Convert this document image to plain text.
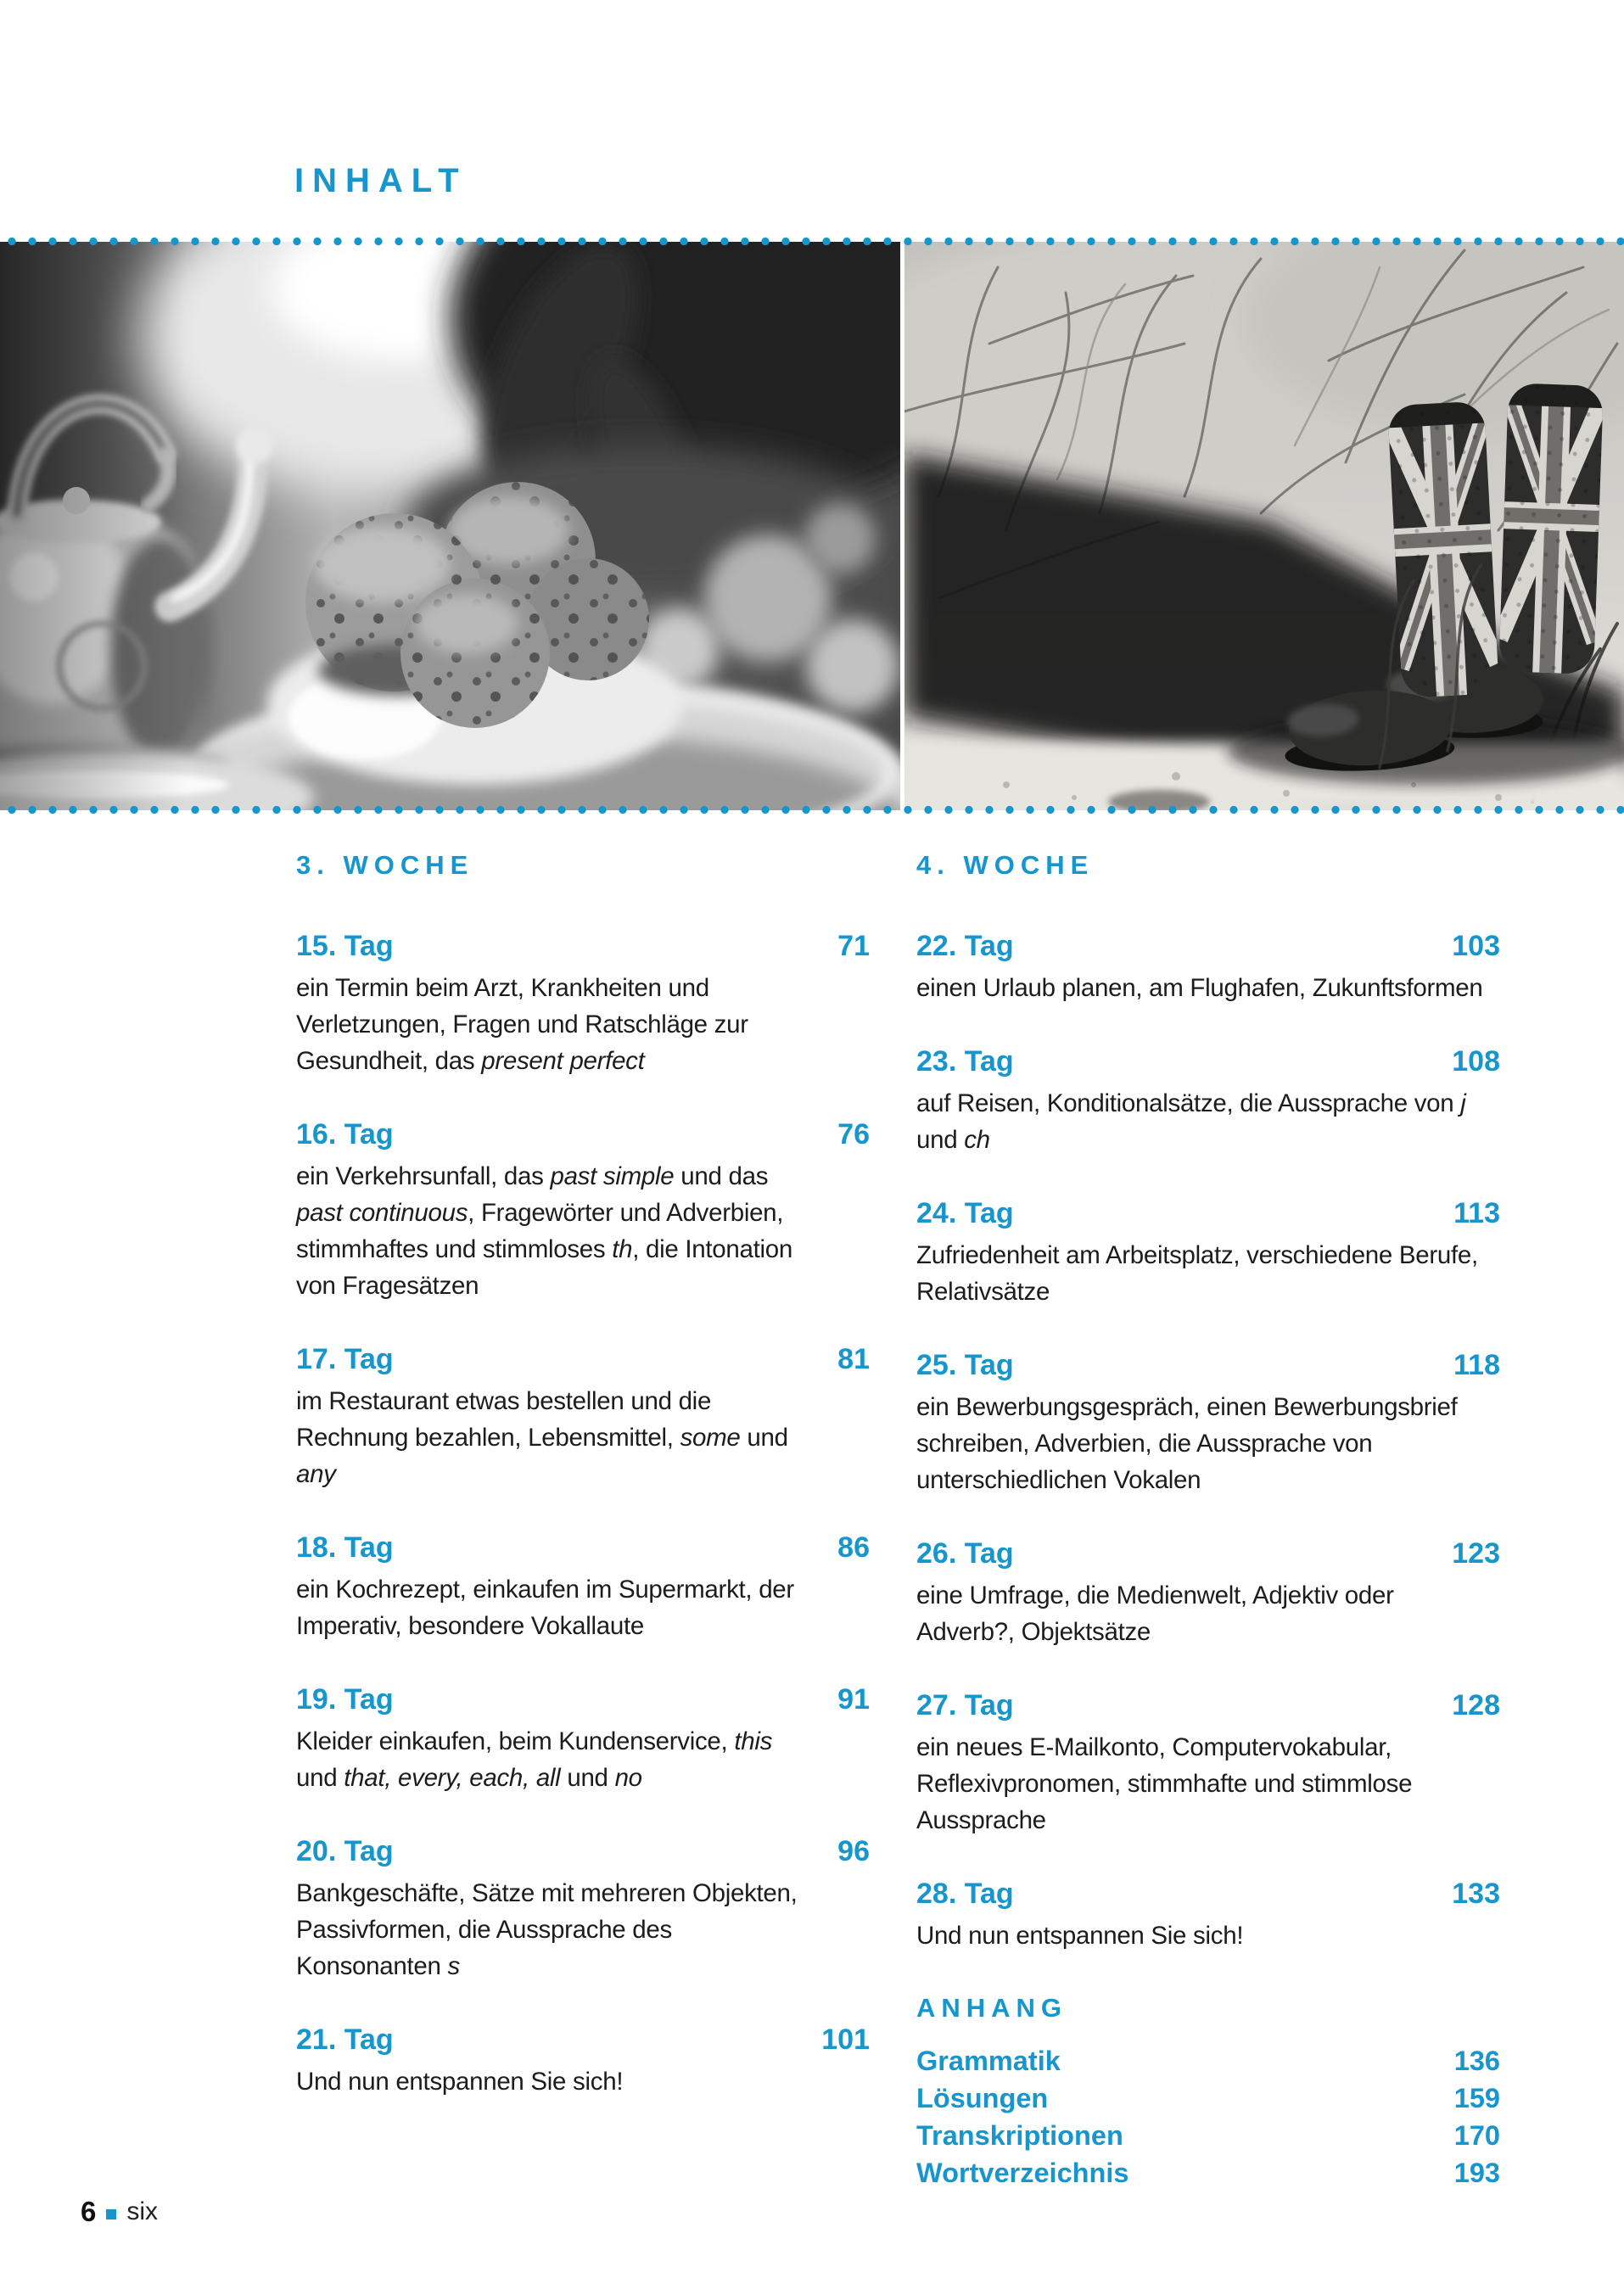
INHALT
3. WOCHE
15. Tag	71

ein Termin beim Arzt, Krankheiten und Verletzungen, Fragen und Ratschläge zur Gesundheit, das present perfect

16. Tag	76

ein Verkehrsunfall, das past simple und das past continuous, Fragewörter und Adverbien, stimmhaftes und stimmloses th, die Intonation von Fragesätzen

17. Tag	81

im Restaurant etwas bestellen und die Rechnung bezahlen, Lebensmittel, some und any

18. Tag	86

ein Kochrezept, einkaufen im Supermarkt, der Imperativ, besondere Vokallaute

19. Tag	91

Kleider einkaufen, beim Kundenservice, this und that, every, each, all und no

20. Tag	96

Bankgeschäfte, Sätze mit mehreren Objekten, Passivformen, die Aussprache des Konsonanten s

21. Tag	101

Und nun entspannen Sie sich!

4. WOCHE
22. Tag	103

einen Urlaub planen, am Flughafen, Zukunftsformen

23. Tag	108

auf Reisen, Konditionalsätze, die Aussprache von j und ch

24. Tag	113

Zufriedenheit am Arbeitsplatz, verschiedene Berufe, Relativsätze

25. Tag	118

ein Bewerbungsgespräch, einen Bewerbungsbrief schreiben, Adverbien, die Aussprache von unterschiedlichen Vokalen

26. Tag	123

eine Umfrage, die Medienwelt, Adjektiv oder Adverb?, Objektsätze

27. Tag	128

ein neues E-Mailkonto, Computervokabular, Reflexivpronomen, stimmhafte und stimmlose Aussprache

28. Tag	133

Und nun entspannen Sie sich!

ANHANG
Grammatik	136
Lösungen	159
Transkriptionen	170
Wortverzeichnis	193
6 six
